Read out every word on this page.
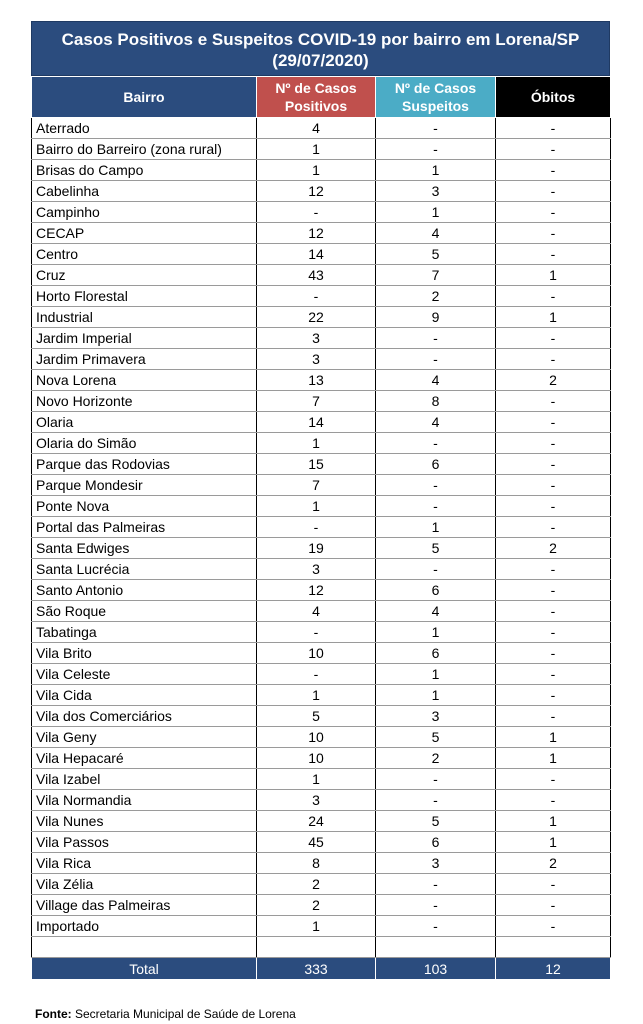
Casos Positivos e Suspeitos COVID-19 por bairro em Lorena/SP (29/07/2020)
Bairro	Nº de Casos Positivos	Nº de Casos Suspeitos	Óbitos
Aterrado	4	-	-
Bairro do Barreiro (zona rural)	1	-	-
Brisas do Campo	1	1	-
Cabelinha	12	3	-
Campinho	-	1	-
CECAP	12	4	-
Centro	14	5	-
Cruz	43	7	1
Horto Florestal	-	2	-
Industrial	22	9	1
Jardim Imperial	3	-	-
Jardim Primavera	3	-	-
Nova Lorena	13	4	2
Novo Horizonte	7	8	-
Olaria	14	4	-
Olaria do Simão	1	-	-
Parque das Rodovias	15	6	-
Parque Mondesir	7	-	-
Ponte Nova	1	-	-
Portal das Palmeiras	-	1	-
Santa Edwiges	19	5	2
Santa Lucrécia	3	-	-
Santo Antonio	12	6	-
São Roque	4	4	-
Tabatinga	-	1	-
Vila Brito	10	6	-
Vila Celeste	-	1	-
Vila Cida	1	1	-
Vila dos Comerciários	5	3	-
Vila Geny	10	5	1
Vila Hepacaré	10	2	1
Vila Izabel	1	-	-
Vila Normandia	3	-	-
Vila Nunes	24	5	1
Vila Passos	45	6	1
Vila Rica	8	3	2
Vila Zélia	2	-	-
Village das Palmeiras	2	-	-
Importado	1	-	-

Total	333	103	12
Fonte: Secretaria Municipal de Saúde de Lorena
